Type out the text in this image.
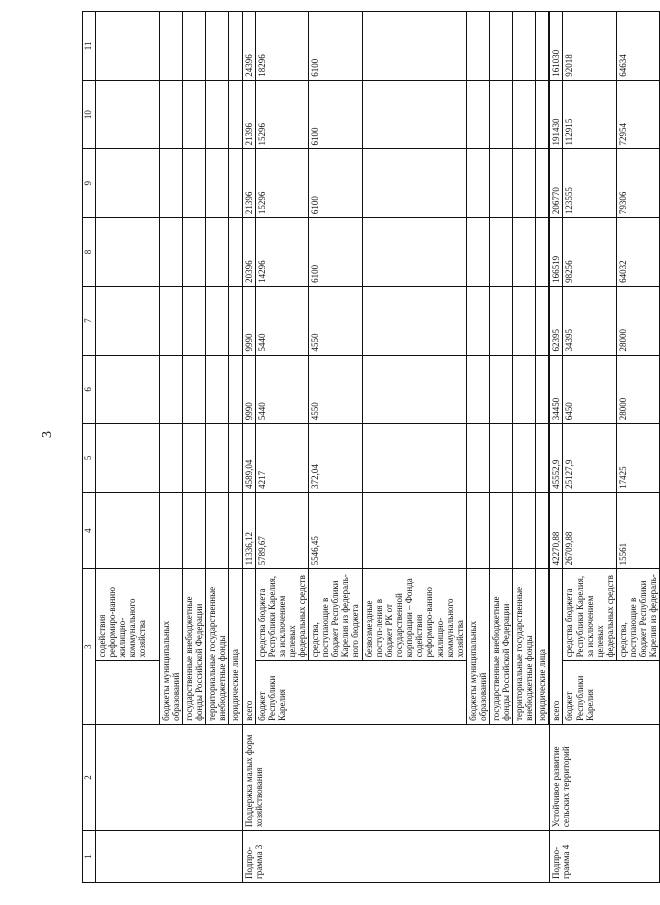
3
1	2	3		4	5	6	7	8	9	10	11
			содействия реформиро-ванию жилищно-коммунального хозяйства								
		бюджеты муниципальных образований									
		государственные внебюджетные фонды Российской Федерации									
		территориальные государственные внебюджетные фонды									
		юридические лица									
Подпро-грамма 3	Поддержка малых форм хозяйствования	всего		11336,12	4589,04	9990	9990	20396	21396	21396	24396
		бюджет Республики Карелия	средства бюджета Республики Карелия, за исключением целевых федеральных средств	5789,67	4217	5440	5440	14296	15296	15296	18296
			средства, поступающие в бюджет Республики Карелия из федераль-ного бюджета	5546,45	372,04	4550	4550	6100	6100	6100	6100
			безвозмездные поступ-ления в бюджет РК от государственной корпорации – Фонда содействия реформиро-ванию жилищно-коммунального хозяйства								
		бюджеты муниципальных образований									
		государственные внебюджетные фонды Российской Федерации									
		территориальные государственные внебюджетные фонды									
		юридические лица									

Подпро-грамма 4	Устойчивое развитие сельских территорий	всего		42270,88	45552,9	34450	62395	166519	206770	191430	161030
		бюджет Республики Карелия	средства бюджета Республики Карелия, за исключением целевых федеральных средств	26709,88	25127,9	6450	34395	98256	123555	112915	92018
			средства, поступающие в бюджет Республики Карелия из федераль-	15561	17425	28000	28000	64032	79306	72954	64634
